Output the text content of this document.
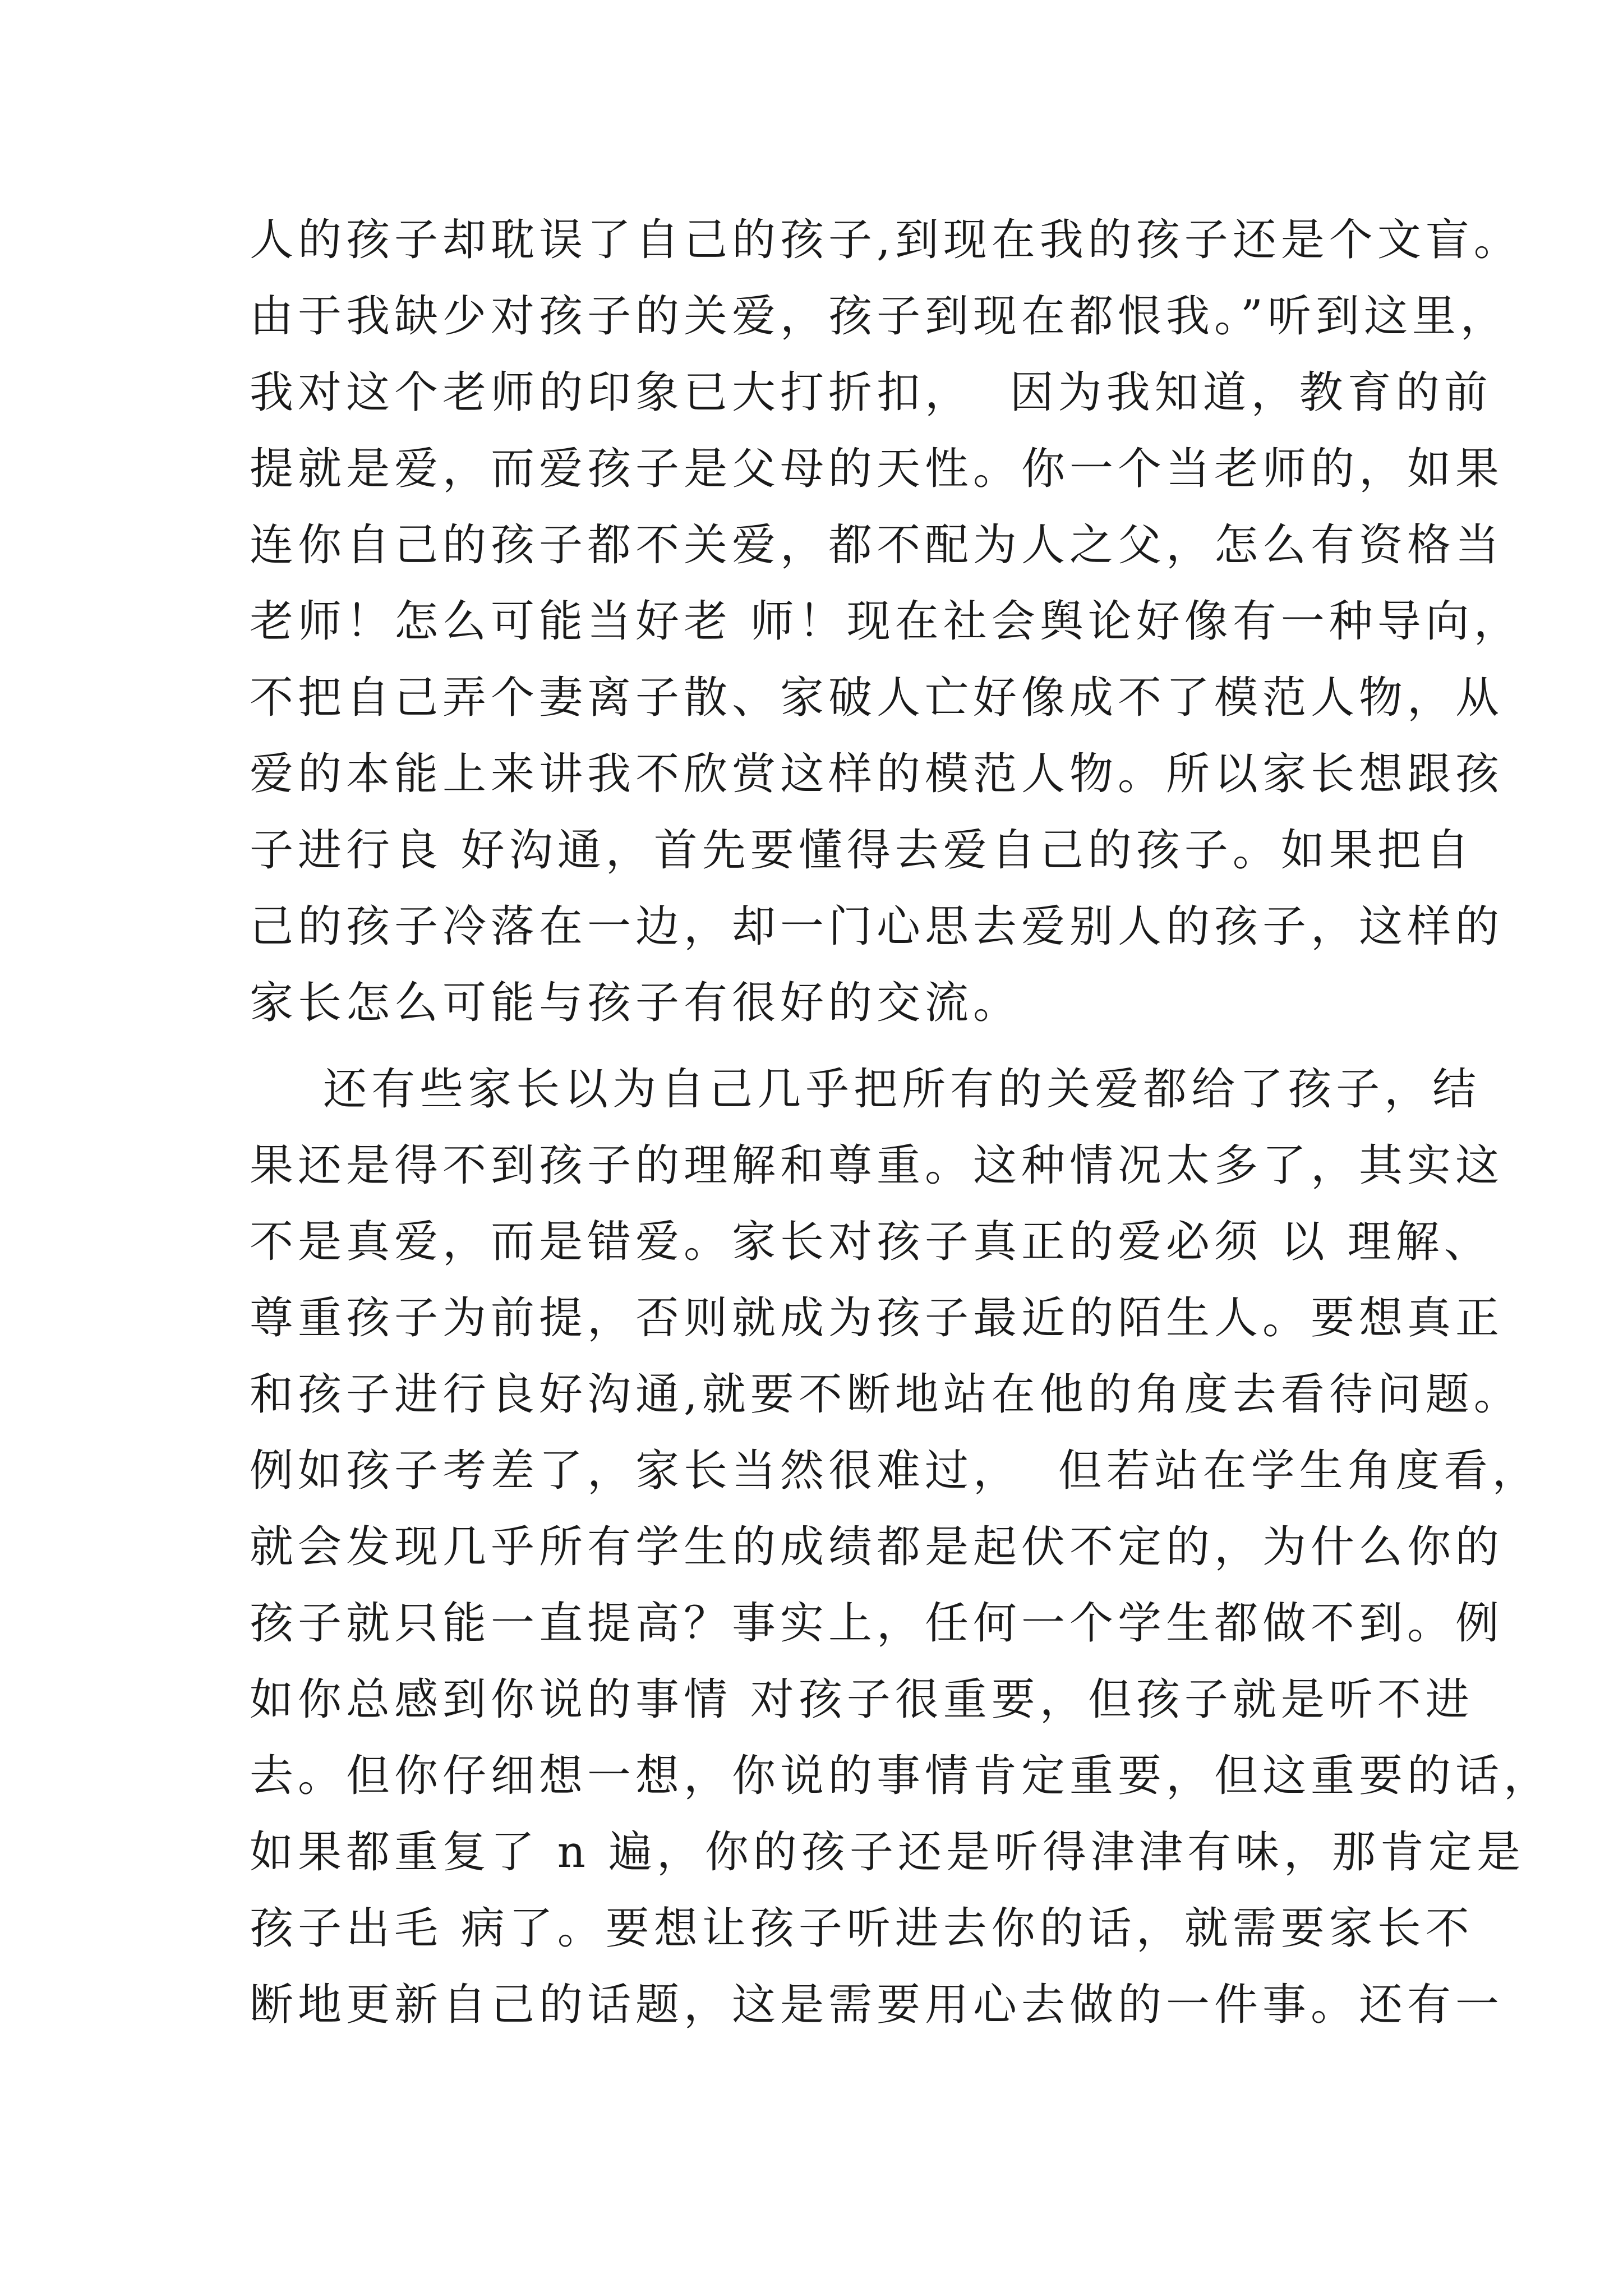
人的孩子却耽误了自己的孩子,到现在我的孩子还是个文盲。
由于我缺少对孩子的关爱，孩子到现在都恨我。”听到这里，
我对这个老师的印象已大打折扣，  因为我知道，教育的前
提就是爱，而爱孩子是父母的天性。你一个当老师的，如果
连你自己的孩子都不关爱，都不配为人之父，怎么有资格当
老师！怎么可能当好老 师！现在社会舆论好像有一种导向，
不把自己弄个妻离子散、家破人亡好像成不了模范人物，从
爱的本能上来讲我不欣赏这样的模范人物。所以家长想跟孩
子进行良 好沟通，首先要懂得去爱自己的孩子。如果把自
己的孩子冷落在一边，却一门心思去爱别人的孩子，这样的
家长怎么可能与孩子有很好的交流。
还有些家长以为自己几乎把所有的关爱都给了孩子，结
果还是得不到孩子的理解和尊重。这种情况太多了，其实这
不是真爱，而是错爱。家长对孩子真正的爱必须 以 理解、
尊重孩子为前提，否则就成为孩子最近的陌生人。要想真正
和孩子进行良好沟通,就要不断地站在他的角度去看待问题。
例如孩子考差了，家长当然很难过，  但若站在学生角度看，
就会发现几乎所有学生的成绩都是起伏不定的，为什么你的
孩子就只能一直提高？事实上，任何一个学生都做不到。例
如你总感到你说的事情 对孩子很重要，但孩子就是听不进
去。但你仔细想一想，你说的事情肯定重要，但这重要的话，
如果都重复了 n 遍，你的孩子还是听得津津有味，那肯定是
孩子出毛 病了。要想让孩子听进去你的话，就需要家长不
断地更新自己的话题，这是需要用心去做的一件事。还有一
